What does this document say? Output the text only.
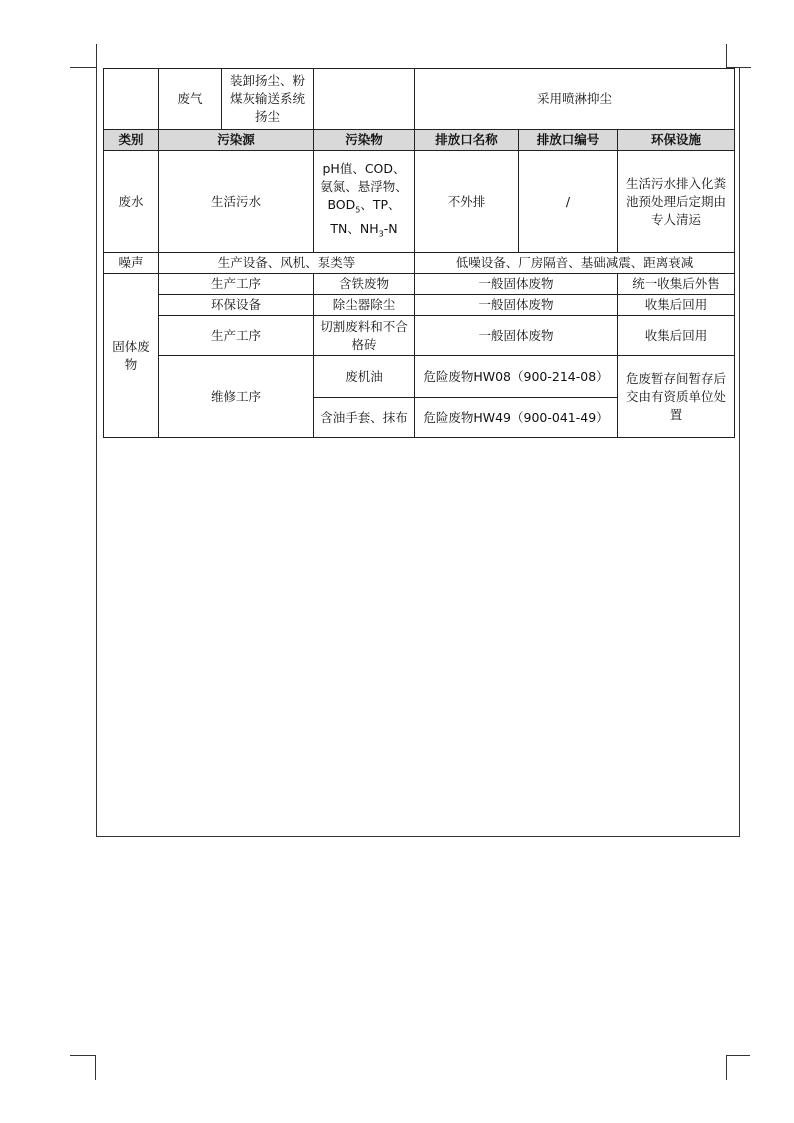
	废气	装卸扬尘、粉煤灰输送系统扬尘		采用喷淋抑尘		
类别	污染源		污染物	排放口名称	排放口编号	环保设施
废水	生活污水		pH值、COD、氨氮、悬浮物、$BOD_5$、TP、TN、$NH_3-N$	不外排	/	生活污水排入化粪池预处理后定期由专人清运
噪声	生产设备、风机、泵类等			低噪设备、厂房隔音、基础减震、距离衰减		
固体废物	生产工序		含铁废物	一般固体废物		统一收集后外售
	环保设备		除尘器除尘	一般固体废物		收集后回用
	生产工序		切割废料和不合格砖	一般固体废物		收集后回用
	维修工序		废机油	危险废物HW08（900-214-08）		危废暂存间暂存后交由有资质单位处置
			含油手套、抹布	危险废物HW49（900-041-49）		
